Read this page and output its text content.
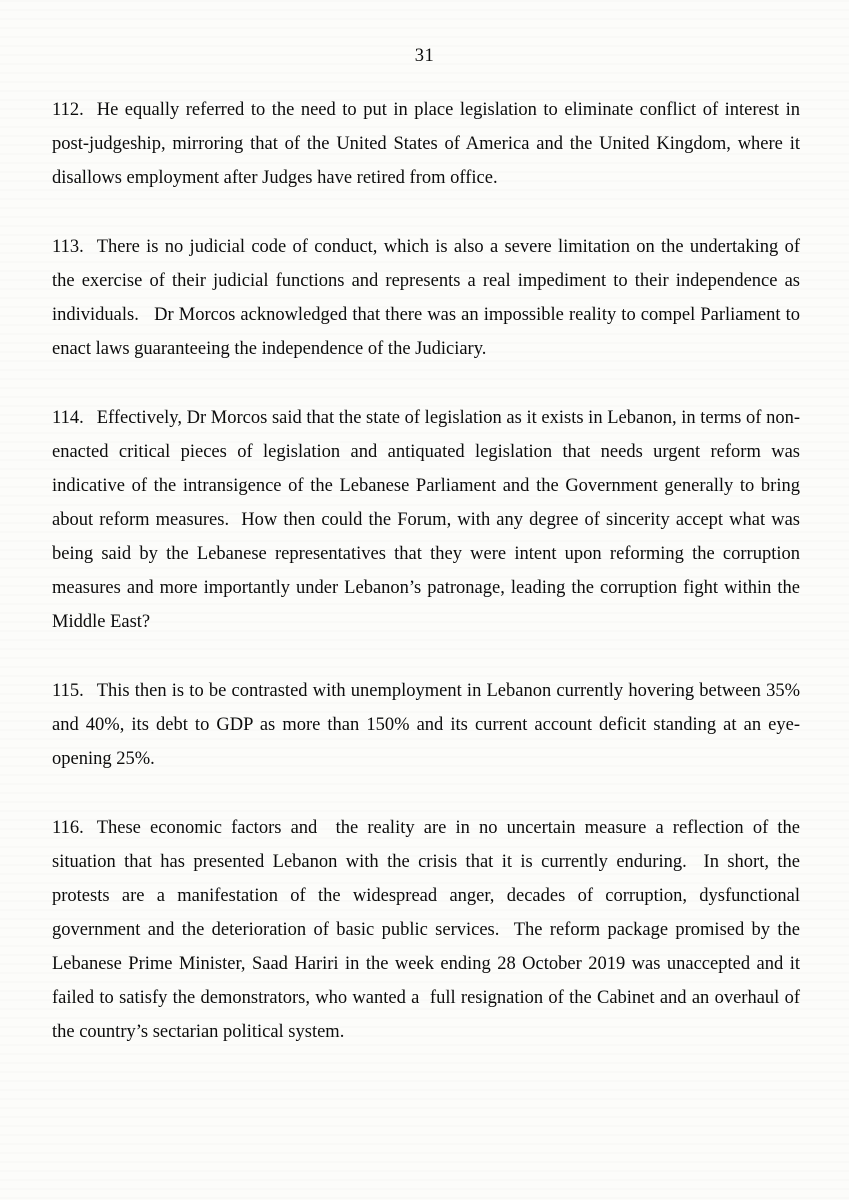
31

112. He equally referred to the need to put in place legislation to eliminate conflict of interest in post-judgeship, mirroring that of the United States of America and the United Kingdom, where it disallows employment after Judges have retired from office.

113. There is no judicial code of conduct, which is also a severe limitation on the undertaking of the exercise of their judicial functions and represents a real impediment to their independence as individuals.   Dr Morcos acknowledged that there was an impossible reality to compel Parliament to enact laws guaranteeing the independence of the Judiciary.

114. Effectively, Dr Morcos said that the state of legislation as it exists in Lebanon, in terms of non-enacted critical pieces of legislation and antiquated legislation that needs urgent reform was indicative of the intransigence of the Lebanese Parliament and the Government generally to bring about reform measures.  How then could the Forum, with any degree of sincerity accept what was being said by the Lebanese representatives that they were intent upon reforming the corruption measures and more importantly under Lebanon’s patronage, leading the corruption fight within the Middle East?

115. This then is to be contrasted with unemployment in Lebanon currently hovering between 35% and 40%, its debt to GDP as more than 150% and its current account deficit standing at an eye-opening 25%.

116. These economic factors and  the reality are in no uncertain measure a reflection of the situation that has presented Lebanon with the crisis that it is currently enduring.  In short, the protests are a manifestation of the widespread anger, decades of corruption, dysfunctional government and the deterioration of basic public services.  The reform package promised by the Lebanese Prime Minister, Saad Hariri in the week ending 28 October 2019 was unaccepted and it failed to satisfy the demonstrators, who wanted a  full resignation of the Cabinet and an overhaul of the country’s sectarian political system.
